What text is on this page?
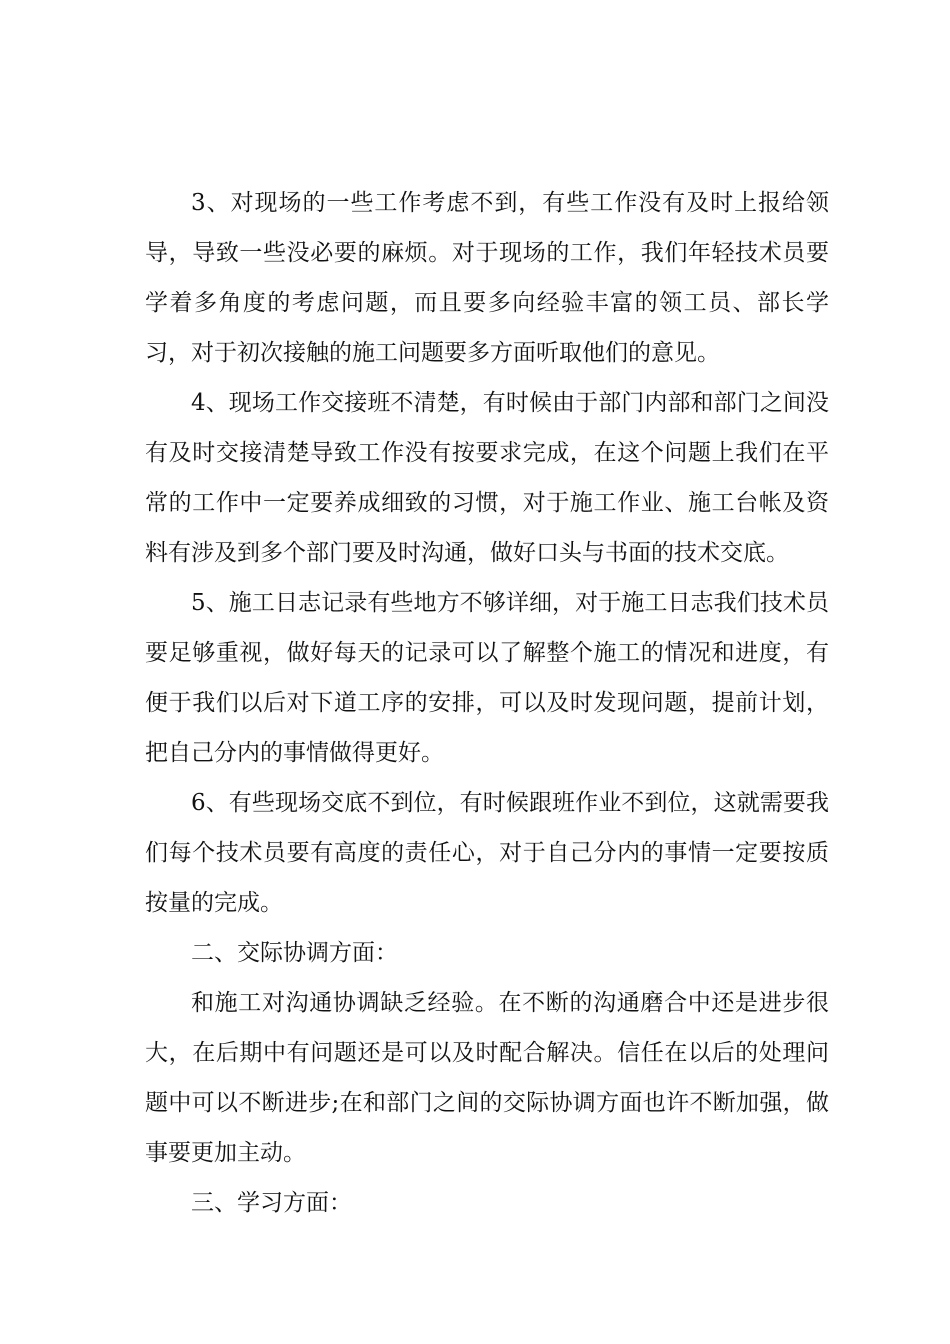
3、对现场的一些工作考虑不到，有些工作没有及时上报给领导，导致一些没必要的麻烦。对于现场的工作，我们年轻技术员要学着多角度的考虑问题，而且要多向经验丰富的领工员、部长学习，对于初次接触的施工问题要多方面听取他们的意见。

4、现场工作交接班不清楚，有时候由于部门内部和部门之间没有及时交接清楚导致工作没有按要求完成，在这个问题上我们在平常的工作中一定要养成细致的习惯，对于施工作业、施工台帐及资料有涉及到多个部门要及时沟通，做好口头与书面的技术交底。

5、施工日志记录有些地方不够详细，对于施工日志我们技术员要足够重视，做好每天的记录可以了解整个施工的情况和进度，有便于我们以后对下道工序的安排，可以及时发现问题，提前计划，把自己分内的事情做得更好。

6、有些现场交底不到位，有时候跟班作业不到位，这就需要我们每个技术员要有高度的责任心，对于自己分内的事情一定要按质按量的完成。

二、交际协调方面：

和施工对沟通协调缺乏经验。在不断的沟通磨合中还是进步很大，在后期中有问题还是可以及时配合解决。信任在以后的处理问题中可以不断进步;在和部门之间的交际协调方面也许不断加强，做事要更加主动。

三、学习方面：
